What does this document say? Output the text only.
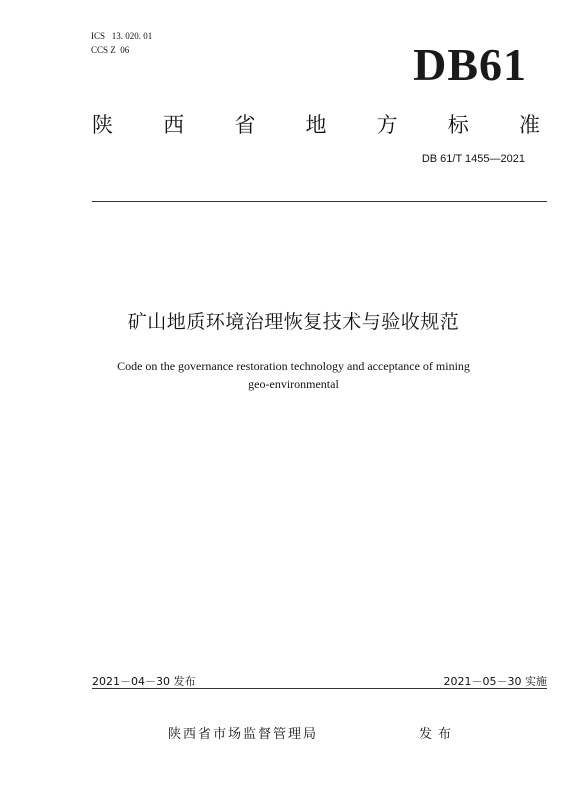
ICS   13. 020. 01
CCS Z  06	DB61
陕 西 省 地 方 标 准
DB 61/T 1455—2021
矿山地质环境治理恢复技术与验收规范
Code on the governance restoration technology and acceptance of mining
geo-environmental
2021－04－30 发布	2021－05－30 实施
陕西省市场监督管理局	发布
